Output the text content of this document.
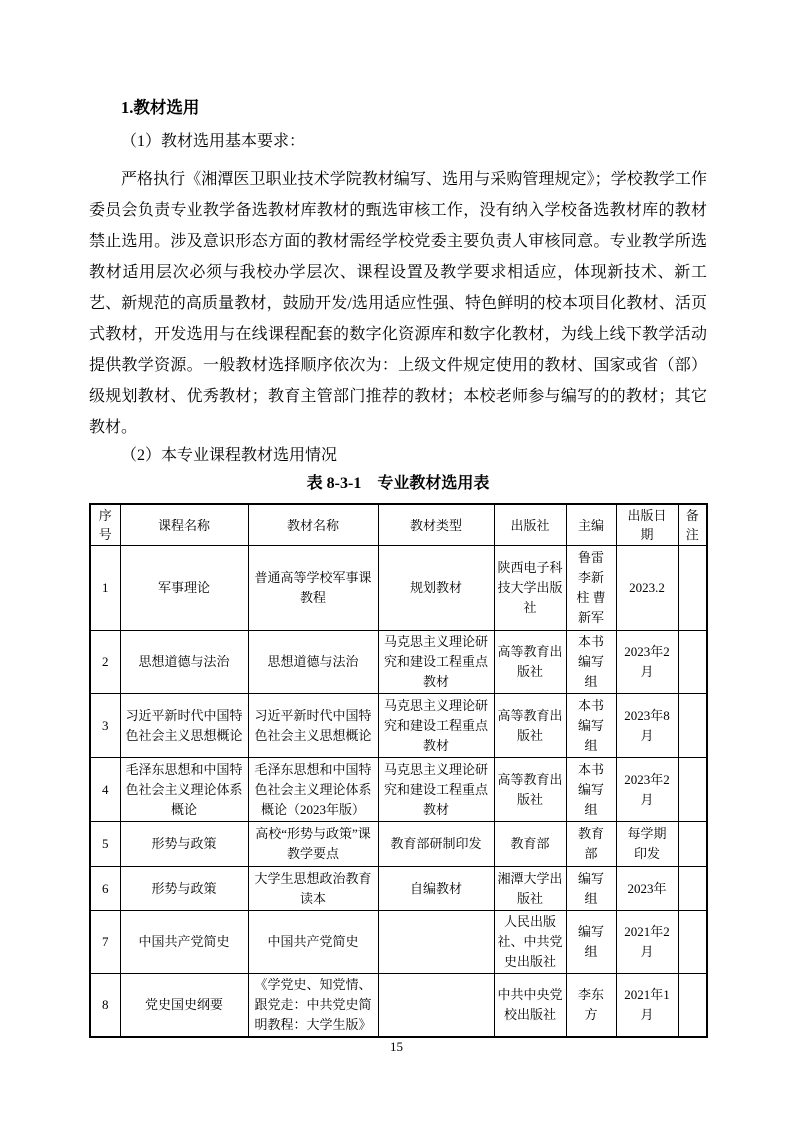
1.教材选用

（1）教材选用基本要求：

严格执行《湘潭医卫职业技术学院教材编写、选用与采购管理规定》；学校教学工作委员会负责专业教学备选教材库教材的甄选审核工作，没有纳入学校备选教材库的教材禁止选用。涉及意识形态方面的教材需经学校党委主要负责人审核同意。专业教学所选教材适用层次必须与我校办学层次、课程设置及教学要求相适应，体现新技术、新工艺、新规范的高质量教材，鼓励开发/选用适应性强、特色鲜明的校本项目化教材、活页式教材，开发选用与在线课程配套的数字化资源库和数字化教材，为线上线下教学活动提供教学资源。一般教材选择顺序依次为：上级文件规定使用的教材、国家或省（部）级规划教材、优秀教材；教育主管部门推荐的教材；本校老师参与编写的的教材；其它教材。

（2）本专业课程教材选用情况

表 8-3-1　专业教材选用表

序号	课程名称	教材名称	教材类型	出版社	主编	出版日期	备注
1	军事理论	普通高等学校军事课教程	规划教材	陕西电子科技大学出版社	鲁雷 李新柱 曹新军	2023.2	
2	思想道德与法治	思想道德与法治	马克思主义理论研究和建设工程重点教材	高等教育出版社	本书编写组	2023年2月	
3	习近平新时代中国特色社会主义思想概论	习近平新时代中国特色社会主义思想概论	马克思主义理论研究和建设工程重点教材	高等教育出版社	本书编写组	2023年8月	
4	毛泽东思想和中国特色社会主义理论体系概论	毛泽东思想和中国特色社会主义理论体系概论（2023年版）	马克思主义理论研究和建设工程重点教材	高等教育出版社	本书编写组	2023年2月	
5	形势与政策	高校“形势与政策”课教学要点	教育部研制印发	教育部	教育部	每学期印发	
6	形势与政策	大学生思想政治教育读本	自编教材	湘潭大学出版社	编写组	2023年	
7	中国共产党简史	中国共产党简史		人民出版社、中共党史出版社	编写组	2021年2月	
8	党史国史纲要	《学党史、知党情、跟党走：中共党史简明教程：大学生版》		中共中央党校出版社	李东方	2021年1月	

15
